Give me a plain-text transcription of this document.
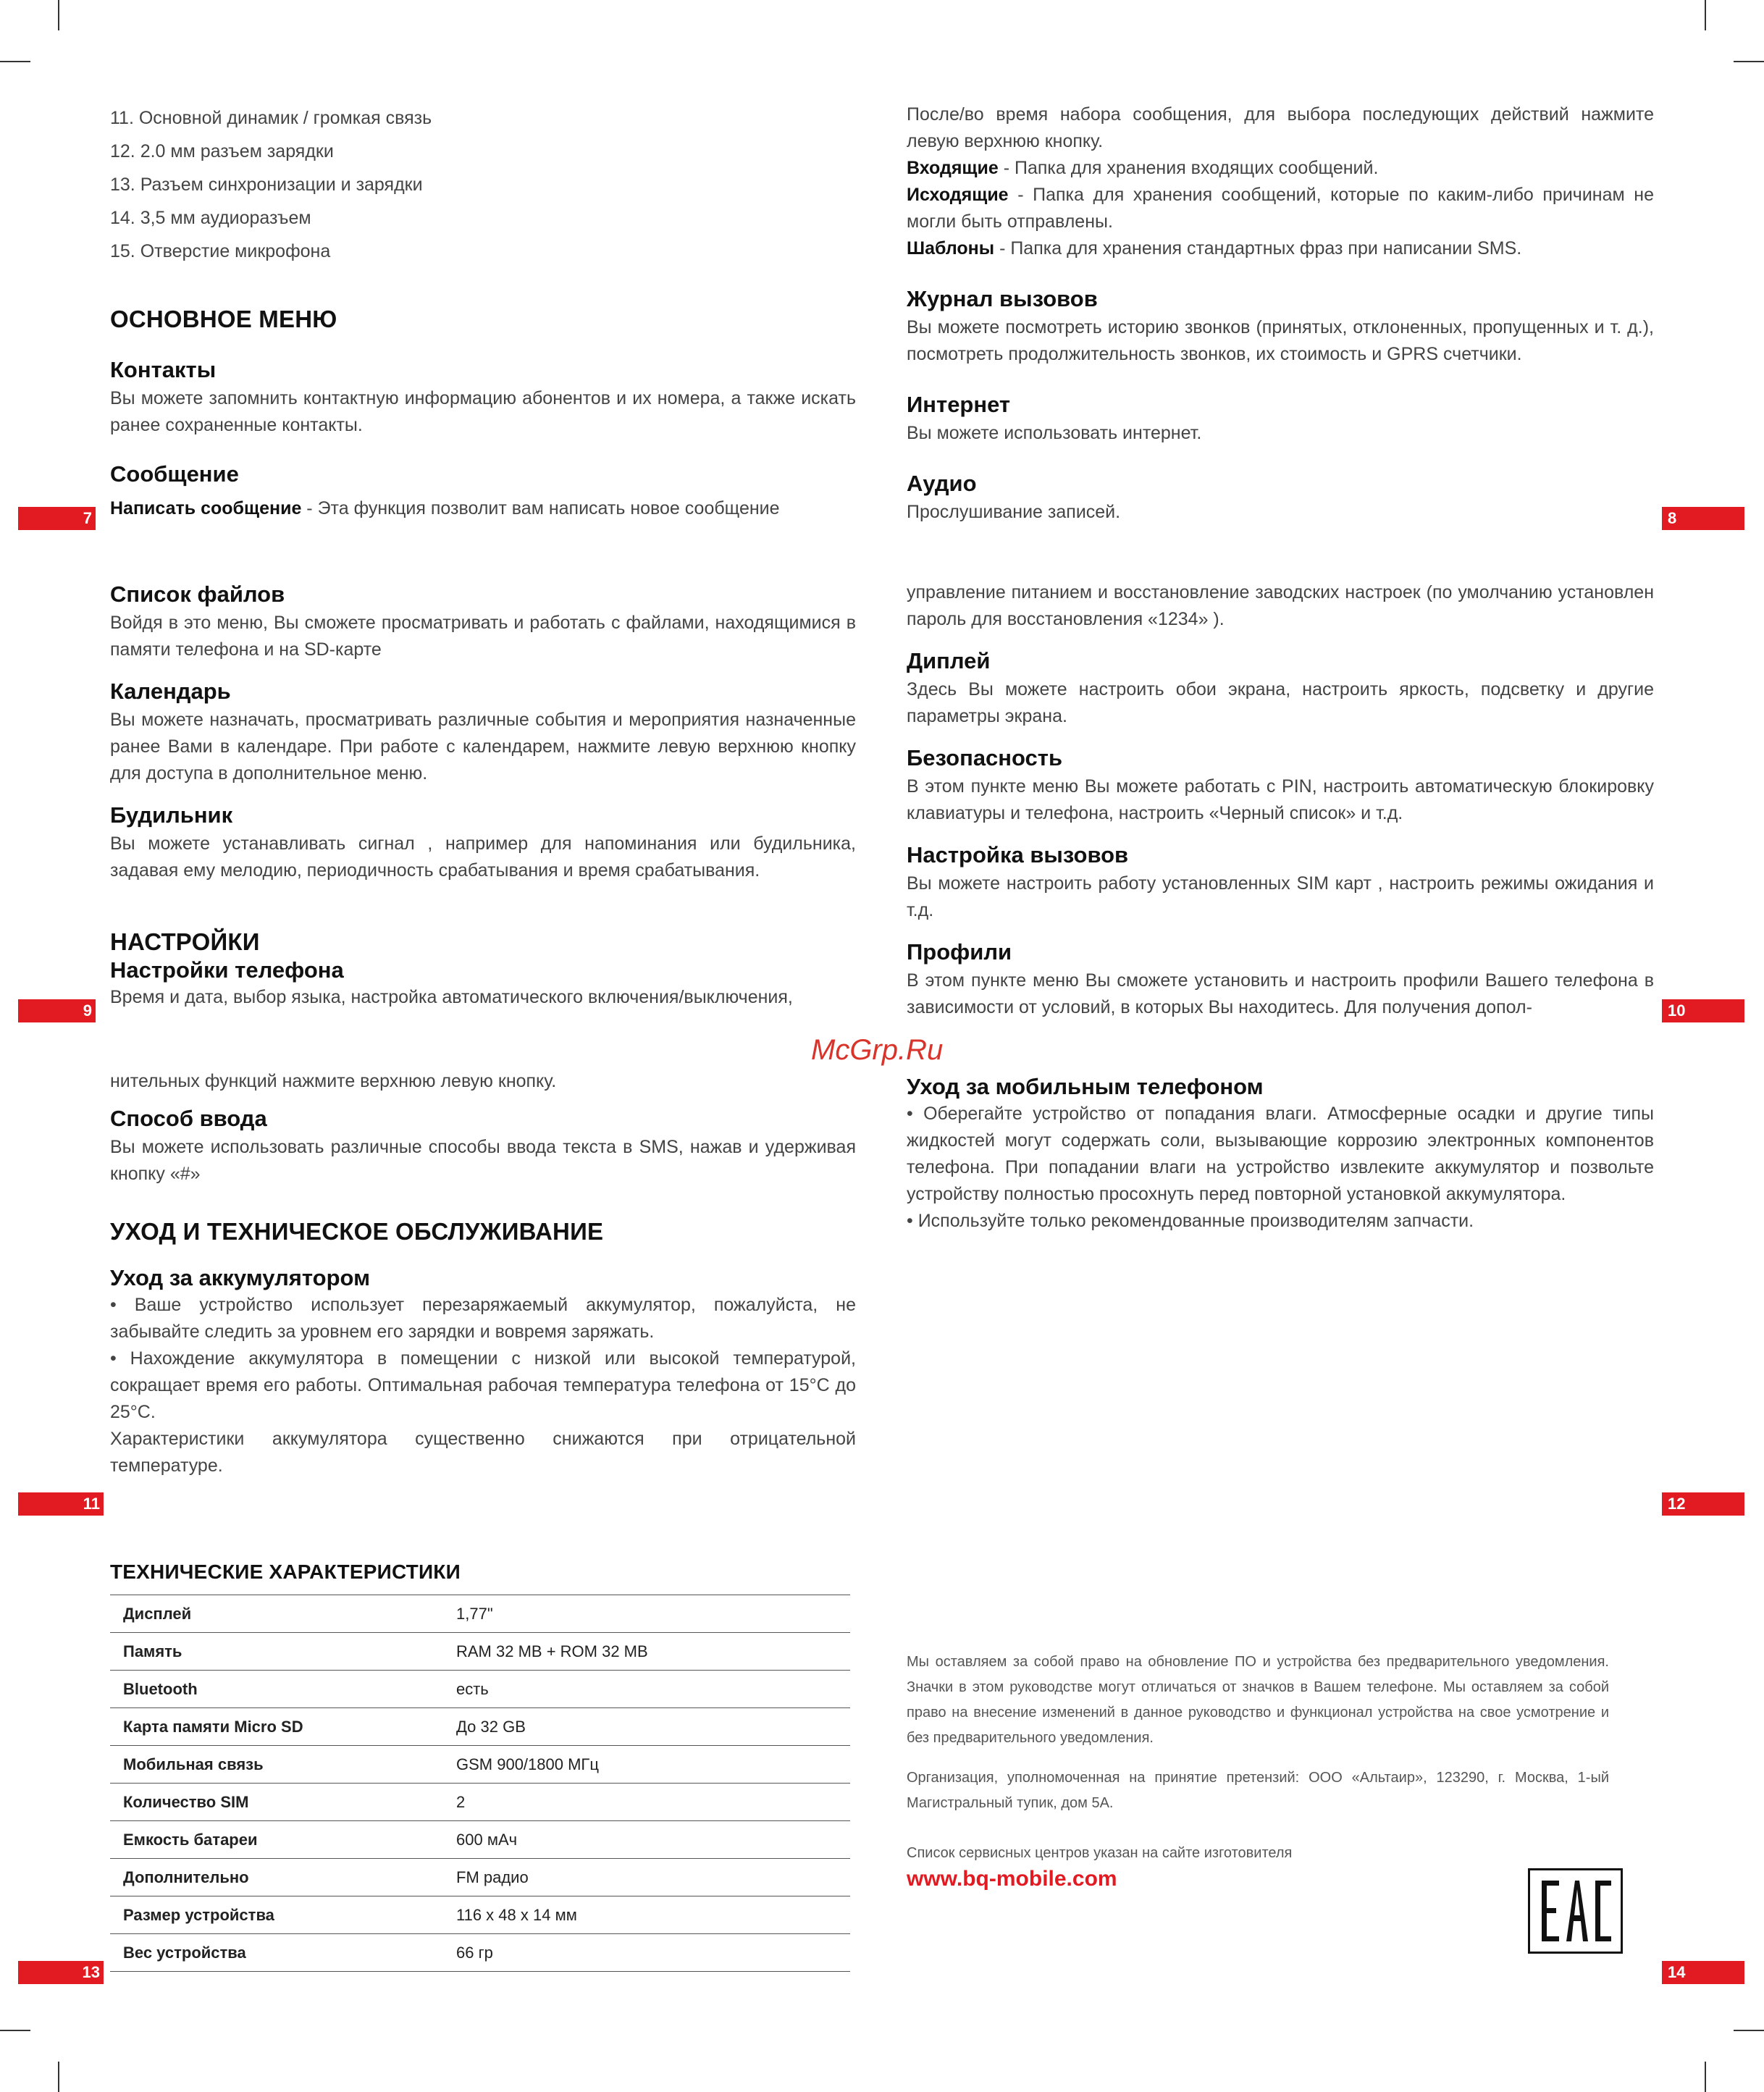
11. Основной динамик / громкая связь

12. 2.0 мм разъем зарядки

13. Разъем синхронизации и зарядки

14. 3,5 мм аудиоразъем

15. Отверстие микрофона

ОСНОВНОЕ МЕНЮ

Контакты

Вы можете запомнить контактную информацию абонентов и их номера, а также искать ранее сохраненные контакты.

Сообщение

Написать сообщение - Эта функция позволит вам написать новое сообщение

7

После/во время набора сообщения, для выбора последующих действий нажмите левую верхнюю кнопку.

Входящие - Папка для хранения входящих сообщений.

Исходящие - Папка для хранения сообщений, которые по каким-либо причинам не могли быть отправлены.

Шаблоны - Папка для хранения стандартных фраз при написании SMS.

Журнал вызовов

Вы можете посмотреть историю звонков (принятых, отклоненных, пропущенных и т. д.), посмотреть продолжительность звонков, их стоимость и GPRS счетчики.

Интернет

Вы можете использовать интернет.

Аудио

Прослушивание записей.	8

Список файлов

Войдя в это меню, Вы сможете просматривать и работать с файлами, находящимися в памяти телефона и на SD-карте

Календарь

Вы можете назначать, просматривать различные события и мероприятия назначенные ранее Вами в календаре. При работе с календарем, нажмите левую верхнюю кнопку для доступа в дополнительное меню.

Будильник

Вы можете устанавливать сигнал , например для напоминания или будильника, задавая ему мелодию, периодичность срабатывания и время срабатывания.

НАСТРОЙКИ

Настройки телефона

Время и дата, выбор языка, настройка автоматического включения/выключения,

9

управление питанием и восстановление заводских настроек (по умолчанию установлен пароль для восстановления «1234» ).

Диплей

Здесь Вы можете настроить обои экрана, настроить яркость, подсветку и другие параметры экрана.

Безопасность

В этом пункте меню Вы можете работать с PIN, настроить автоматическую блокировку клавиатуры и телефона, настроить «Черный список» и т.д.

Настройка вызовов

Вы можете настроить работу установленных SIM карт , настроить режимы ожидания и т.д.

Профили

В этом пункте меню Вы сможете установить и настроить профили Вашего телефона в зависимости от условий, в которых Вы находитесь. Для получения допол-	10
McGrp.Ru

нительных функций нажмите верхнюю левую кнопку.

Способ ввода

Вы можете использовать различные способы ввода текста в SMS, нажав и удерживая кнопку «#»

УХОД И ТЕХНИЧЕСКОЕ ОБСЛУЖИВАНИЕ

Уход за аккумулятором

• Ваше устройство использует перезаряжаемый аккумулятор, пожалуйста, не забывайте следить за уровнем его зарядки и вовремя заряжать.

• Нахождение аккумулятора в помещении с низкой или высокой температурой, сокращает время его работы. Оптимальная рабочая температура телефона от 15°С до 25°С.

Характеристики аккумулятора существенно снижаются при отрицательной температуре.

11

Уход за мобильным телефоном

• Оберегайте устройство от попадания влаги. Атмосферные осадки и другие типы жидкостей могут содержать соли, вызывающие коррозию электронных компонентов телефона. При попадании влаги на устройство извлеките аккумулятор и позвольте устройству полностью просохнуть перед повторной установкой аккумулятора.

• Используйте только рекомендованные производителям запчасти.

12

ТЕХНИЧЕСКИЕ ХАРАКТЕРИСТИКИ

Дисплей	1,77"
Память	RAM 32 MB + ROM 32 MB
Bluetooth	есть
Карта памяти Micro SD	До 32 GB
Мобильная связь	GSM 900/1800 МГц
Количество SIM	2
Емкость батареи	600 мАч
Дополнительно	FM радио
Размер устройства	116 х 48 х 14 мм
Вес устройства	66 гр
13

Мы оставляем за собой право на обновление ПО и устройства без предварительного уведомления. Значки в этом руководстве могут отличаться от значков в Вашем телефоне. Мы оставляем за собой право на внесение изменений в данное руководство и функционал устройства на свое усмотрение и без предварительного уведомления.

Организация, уполномоченная на принятие претензий: ООО «Альтаир», 123290, г. Москва, 1-ый Магистральный тупик, дом 5А.

Список сервисных центров указан на сайте изготовителя

www.bq-mobile.com

14
